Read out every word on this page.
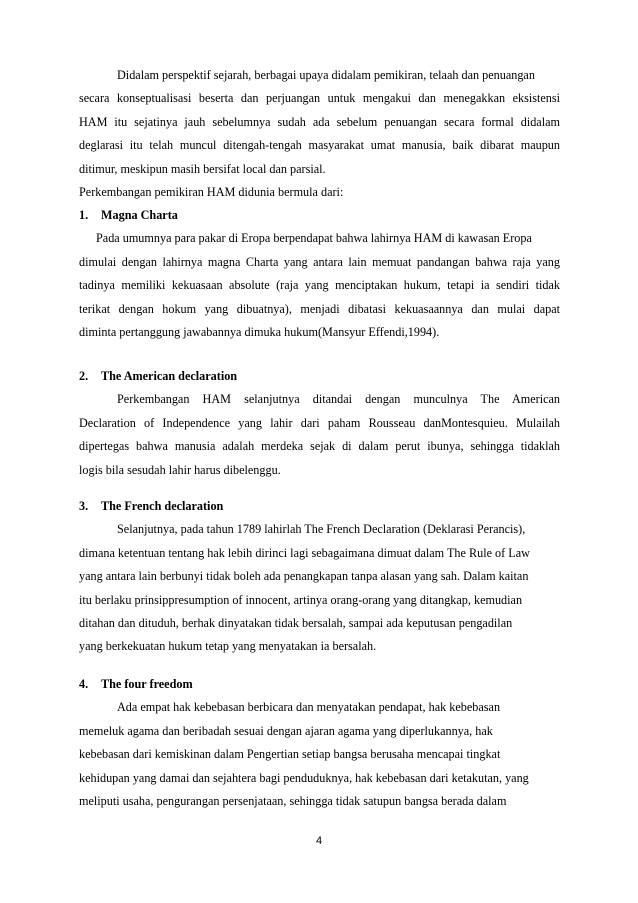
Didalam perspektif sejarah, berbagai upaya didalam pemikiran, telaah dan penuangan

secara konseptualisasi beserta dan perjuangan untuk mengakui dan menegakkan eksistensi

HAM itu sejatinya jauh sebelumnya sudah ada sebelum penuangan secara formal didalam

deglarasi itu telah muncul ditengah-tengah masyarakat umat manusia, baik dibarat maupun

ditimur, meskipun masih bersifat local dan parsial.

Perkembangan pemikiran HAM didunia bermula dari:

1. Magna Charta

Pada umumnya para pakar di Eropa berpendapat bahwa lahirnya HAM di kawasan Eropa

dimulai dengan lahirnya magna Charta yang antara lain memuat pandangan bahwa raja yang

tadinya memiliki kekuasaan absolute (raja yang menciptakan hukum, tetapi ia sendiri tidak

terikat dengan hokum yang dibuatnya), menjadi dibatasi kekuasaannya dan mulai dapat

diminta pertanggung jawabannya dimuka hukum(Mansyur Effendi,1994).

2. The American declaration

Perkembangan HAM selanjutnya ditandai dengan munculnya The American

Declaration of Independence yang lahir dari paham Rousseau danMontesquieu. Mulailah

dipertegas bahwa manusia adalah merdeka sejak di dalam perut ibunya, sehingga tidaklah

logis bila sesudah lahir harus dibelenggu.

3. The French declaration

Selanjutnya, pada tahun 1789 lahirlah The French Declaration (Deklarasi Perancis),

dimana ketentuan tentang hak lebih dirinci lagi sebagaimana dimuat dalam The Rule of Law

yang antara lain berbunyi tidak boleh ada penangkapan tanpa alasan yang sah. Dalam kaitan

itu berlaku prinsippresumption of innocent, artinya orang-orang yang ditangkap, kemudian

ditahan dan dituduh, berhak dinyatakan tidak bersalah, sampai ada keputusan pengadilan

yang berkekuatan hukum tetap yang menyatakan ia bersalah.

4. The four freedom

Ada empat hak kebebasan berbicara dan menyatakan pendapat, hak kebebasan

memeluk agama dan beribadah sesuai dengan ajaran agama yang diperlukannya, hak

kebebasan dari kemiskinan dalam Pengertian setiap bangsa berusaha mencapai tingkat

kehidupan yang damai dan sejahtera bagi penduduknya, hak kebebasan dari ketakutan, yang

meliputi usaha, pengurangan persenjataan, sehingga tidak satupun bangsa berada dalam

4
